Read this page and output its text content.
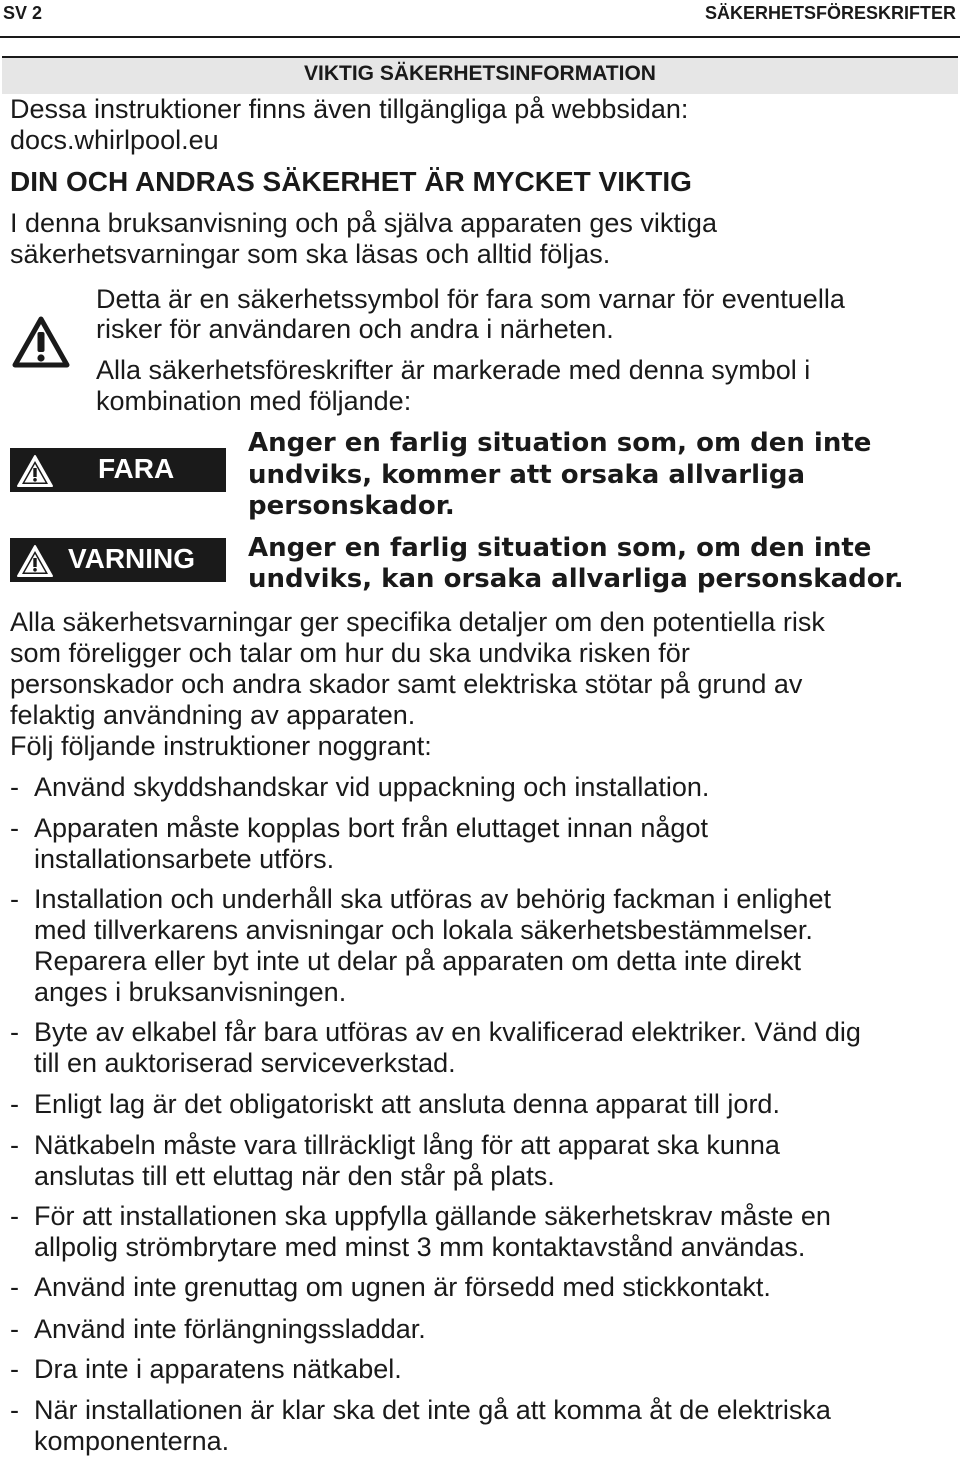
SV 2	SÄKERHETSFÖRESKRIFTER
VIKTIG SÄKERHETSINFORMATION
Dessa instruktioner finns även tillgängliga på webbsidan:
docs.whirlpool.eu
DIN OCH ANDRAS SÄKERHET ÄR MYCKET VIKTIG
I denna bruksanvisning och på själva apparaten ges viktiga
säkerhetsvarningar som ska läsas och alltid följas.
Detta är en säkerhetssymbol för fara som varnar för eventuella
risker för användaren och andra i närheten.
Alla säkerhetsföreskrifter är markerade med denna symbol i
kombination med följande:
FARA
Anger en farlig situation som, om den inte
undviks, kommer att orsaka allvarliga
personskador.
VARNING Anger en farlig situation som, om den inte
undviks, kan orsaka allvarliga personskador.
Alla säkerhetsvarningar ger specifika detaljer om den potentiella risk
som föreligger och talar om hur du ska undvika risken för
personskador och andra skador samt elektriska stötar på grund av
felaktig användning av apparaten.
Följ följande instruktioner noggrant:
- Använd skyddshandskar vid uppackning och installation.
- Apparaten måste kopplas bort från eluttaget innan något
installationsarbete utförs.
- Installation och underhåll ska utföras av behörig fackman i enlighet
med tillverkarens anvisningar och lokala säkerhetsbestämmelser.
Reparera eller byt inte ut delar på apparaten om detta inte direkt
anges i bruksanvisningen.
- Byte av elkabel får bara utföras av en kvalificerad elektriker. Vänd dig
till en auktoriserad serviceverkstad.
- Enligt lag är det obligatoriskt att ansluta denna apparat till jord.
- Nätkabeln måste vara tillräckligt lång för att apparat ska kunna
anslutas till ett eluttag när den står på plats.
- För att installationen ska uppfylla gällande säkerhetskrav måste en
allpolig strömbrytare med minst 3 mm kontaktavstånd användas.
- Använd inte grenuttag om ugnen är försedd med stickkontakt.
- Använd inte förlängningssladdar.
- Dra inte i apparatens nätkabel.
- När installationen är klar ska det inte gå att komma åt de elektriska
komponenterna.
